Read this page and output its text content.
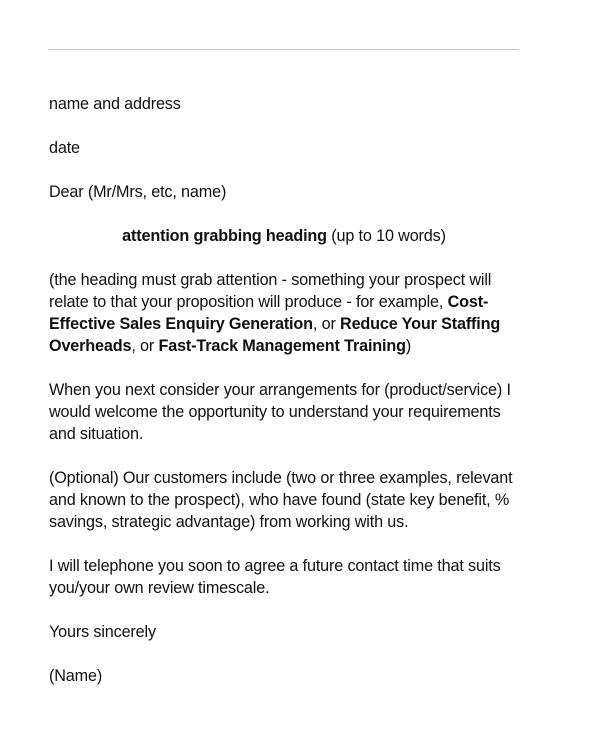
name and address

date

Dear (Mr/Mrs, etc, name)

attention grabbing heading (up to 10 words)

(the heading must grab attention - something your prospect will relate to that your proposition will produce - for example, Cost-Effective Sales Enquiry Generation, or Reduce Your Staffing Overheads, or Fast-Track Management Training)

When you next consider your arrangements for (product/service) I would welcome the opportunity to understand your requirements and situation.

(Optional) Our customers include (two or three examples, relevant and known to the prospect), who have found (state key benefit, % savings, strategic advantage) from working with us.

I will telephone you soon to agree a future contact time that suits you/your own review timescale.

Yours sincerely

(Name)
